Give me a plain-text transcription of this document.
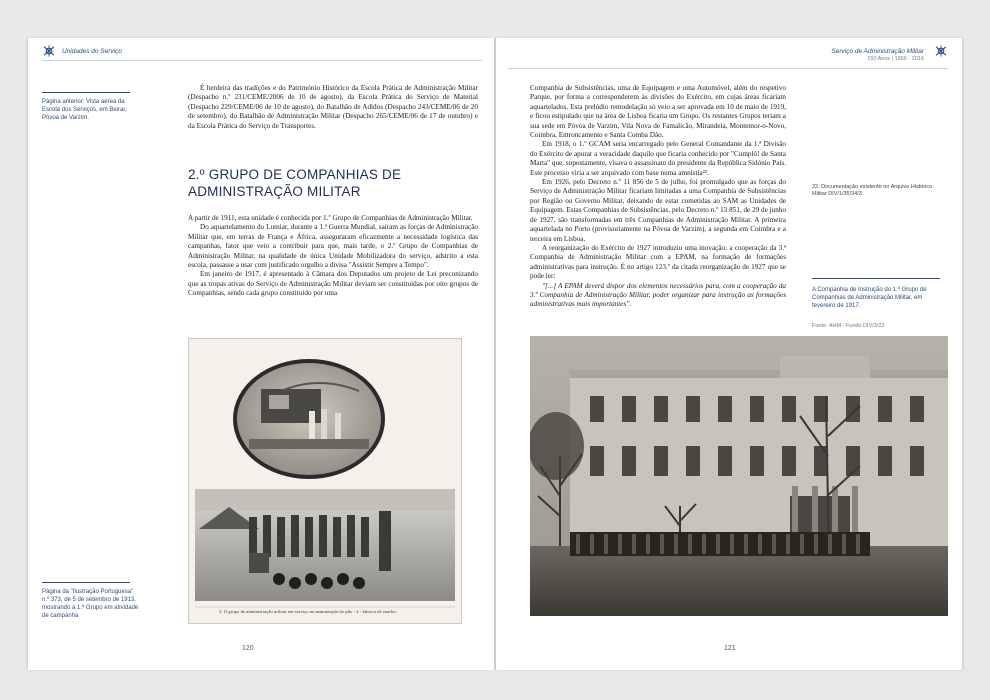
Unidades do Serviço
Página anterior: Vista aérea da Escola dos Serviços, em Beirar, Póvoa de Varzim.

É herdeira das tradições e do Património Histórico da Escola Prática de Administração Militar (Despacho n.º 231/CEME/2006 de 10 de agosto), da Escola Prática do Serviço de Material (Despacho 229/CEME/06 de 10 de agosto), do Batalhão de Adidos (Despacho 243/CEME/06 de 20 de setembro), do Batalhão de Administração Militar (Despacho 265/CEME/06 de 17 de outubro) e da Escola Prática do Serviço de Transportes.

2.º GRUPO DE COMPANHIAS DE
ADMINISTRAÇÃO MILITAR

A partir de 1911, esta unidade é conhecida por 1.º Grupo de Companhias de Administração Militar.

Do aquartelamento do Lumiar, durante a 1.ª Guerra Mundial, saíram as forças de Administração Militar que, em terras de França e África, asseguraram eficazmente a necessidade logística das campanhas, fator que veio a contribuir para que, mais tarde, o 2.º Grupo de Companhias de Administração Militar, na qualidade de única Unidade Mobilizadora do serviço, adstrito a esta escola, passasse a usar com justificado orgulho a divisa "Assistir Sempre a Tempo".

Em janeiro de 1917, é apresentado à Câmara dos Deputados um projeto de Lei preconizando que as tropas ativas do Serviço de Administração Militar deviam ser constituídas por oito grupos de Companhias, sendo cada grupo constituído por uma

2. O grupo de administração militar em serviço na manutenção do pão - 4 - fabrico de rancho.
Página da "Ilustração Portuguesa" n.º 373, de 5 de setembro de 1913, mostrando a 1.ª Grupo em atividade de campanha
120
Serviço de Administração Militar
150 Anos | 1866 - 2016

Companhia de Subsistências, uma de Equipagem e uma Automóvel, além do respetivo Parque, por forma a corresponderem às divisões do Exército, em cujas áreas ficariam aquartelados. Esta prelúdio remodelação só veio a ser aprovada em 10 de maio de 1919, e ficou estipulado que na área de Lisboa ficaria um Grupo. Os restantes Grupos teriam a sua sede em Póvoa de Varzim, Vila Nova de Famalicão, Mirandela, Montemor-o-Novo, Coimbra, Entroncamento e Santa Comba Dão.

Em 1918, o 1.º GCAM seria encarregado pelo General Comandante da 1.ª Divisão do Exército de apurar a veracidade daquilo que ficaria conhecido por "Cumpló! de Santa Marta" que, supostamente, visava o assassinato do presidente da República Sidónio Pais. Este processo viria a ser arquivado com base numa amnistia²².

Em 1926, pelo Decreto n.º 11 856 de 5 de julho, foi promulgado que as forças do Serviço de Administração Militar ficariam limitadas a uma Companhia de Subsistências por Região ou Governo Militar, deixando de estar cometidas ao SAM as Unidades de Equipagem. Estas Companhias de Subsistências, pelo Decreto n.º 13 851, de 29 de junho de 1927, são transformadas em três Companhias de Administração Militar. A primeira aquartelada no Porto (provisoriamente na Póvoa de Varzim), a segunda em Coimbra e a terceira em Lisboa.

A reorganização do Exército de 1927 introduziu uma inovação: a cooperação da 3.ª Companhia de Administração Militar com a EPAM, na formação de formações administrativas para instrução. É no artigo 123.º da citada reorganização de 1927 que se pode ler:

"[...] A EPAM deverá dispor dos elementos necessários para, com a cooperação da 3.ª Companhia de Administração Militar, poder organizar para instrução as formações administrativas mais importantes".

22. Documentação existente no Arquivo Histórico Militar DIV/1/35/34/3.
A Companhia de Instrução do 1.º Grupo de Companhias de Administração Militar, em fevereiro de 1917.
Fonte: AHM - Fundo DIV/3/23
121
